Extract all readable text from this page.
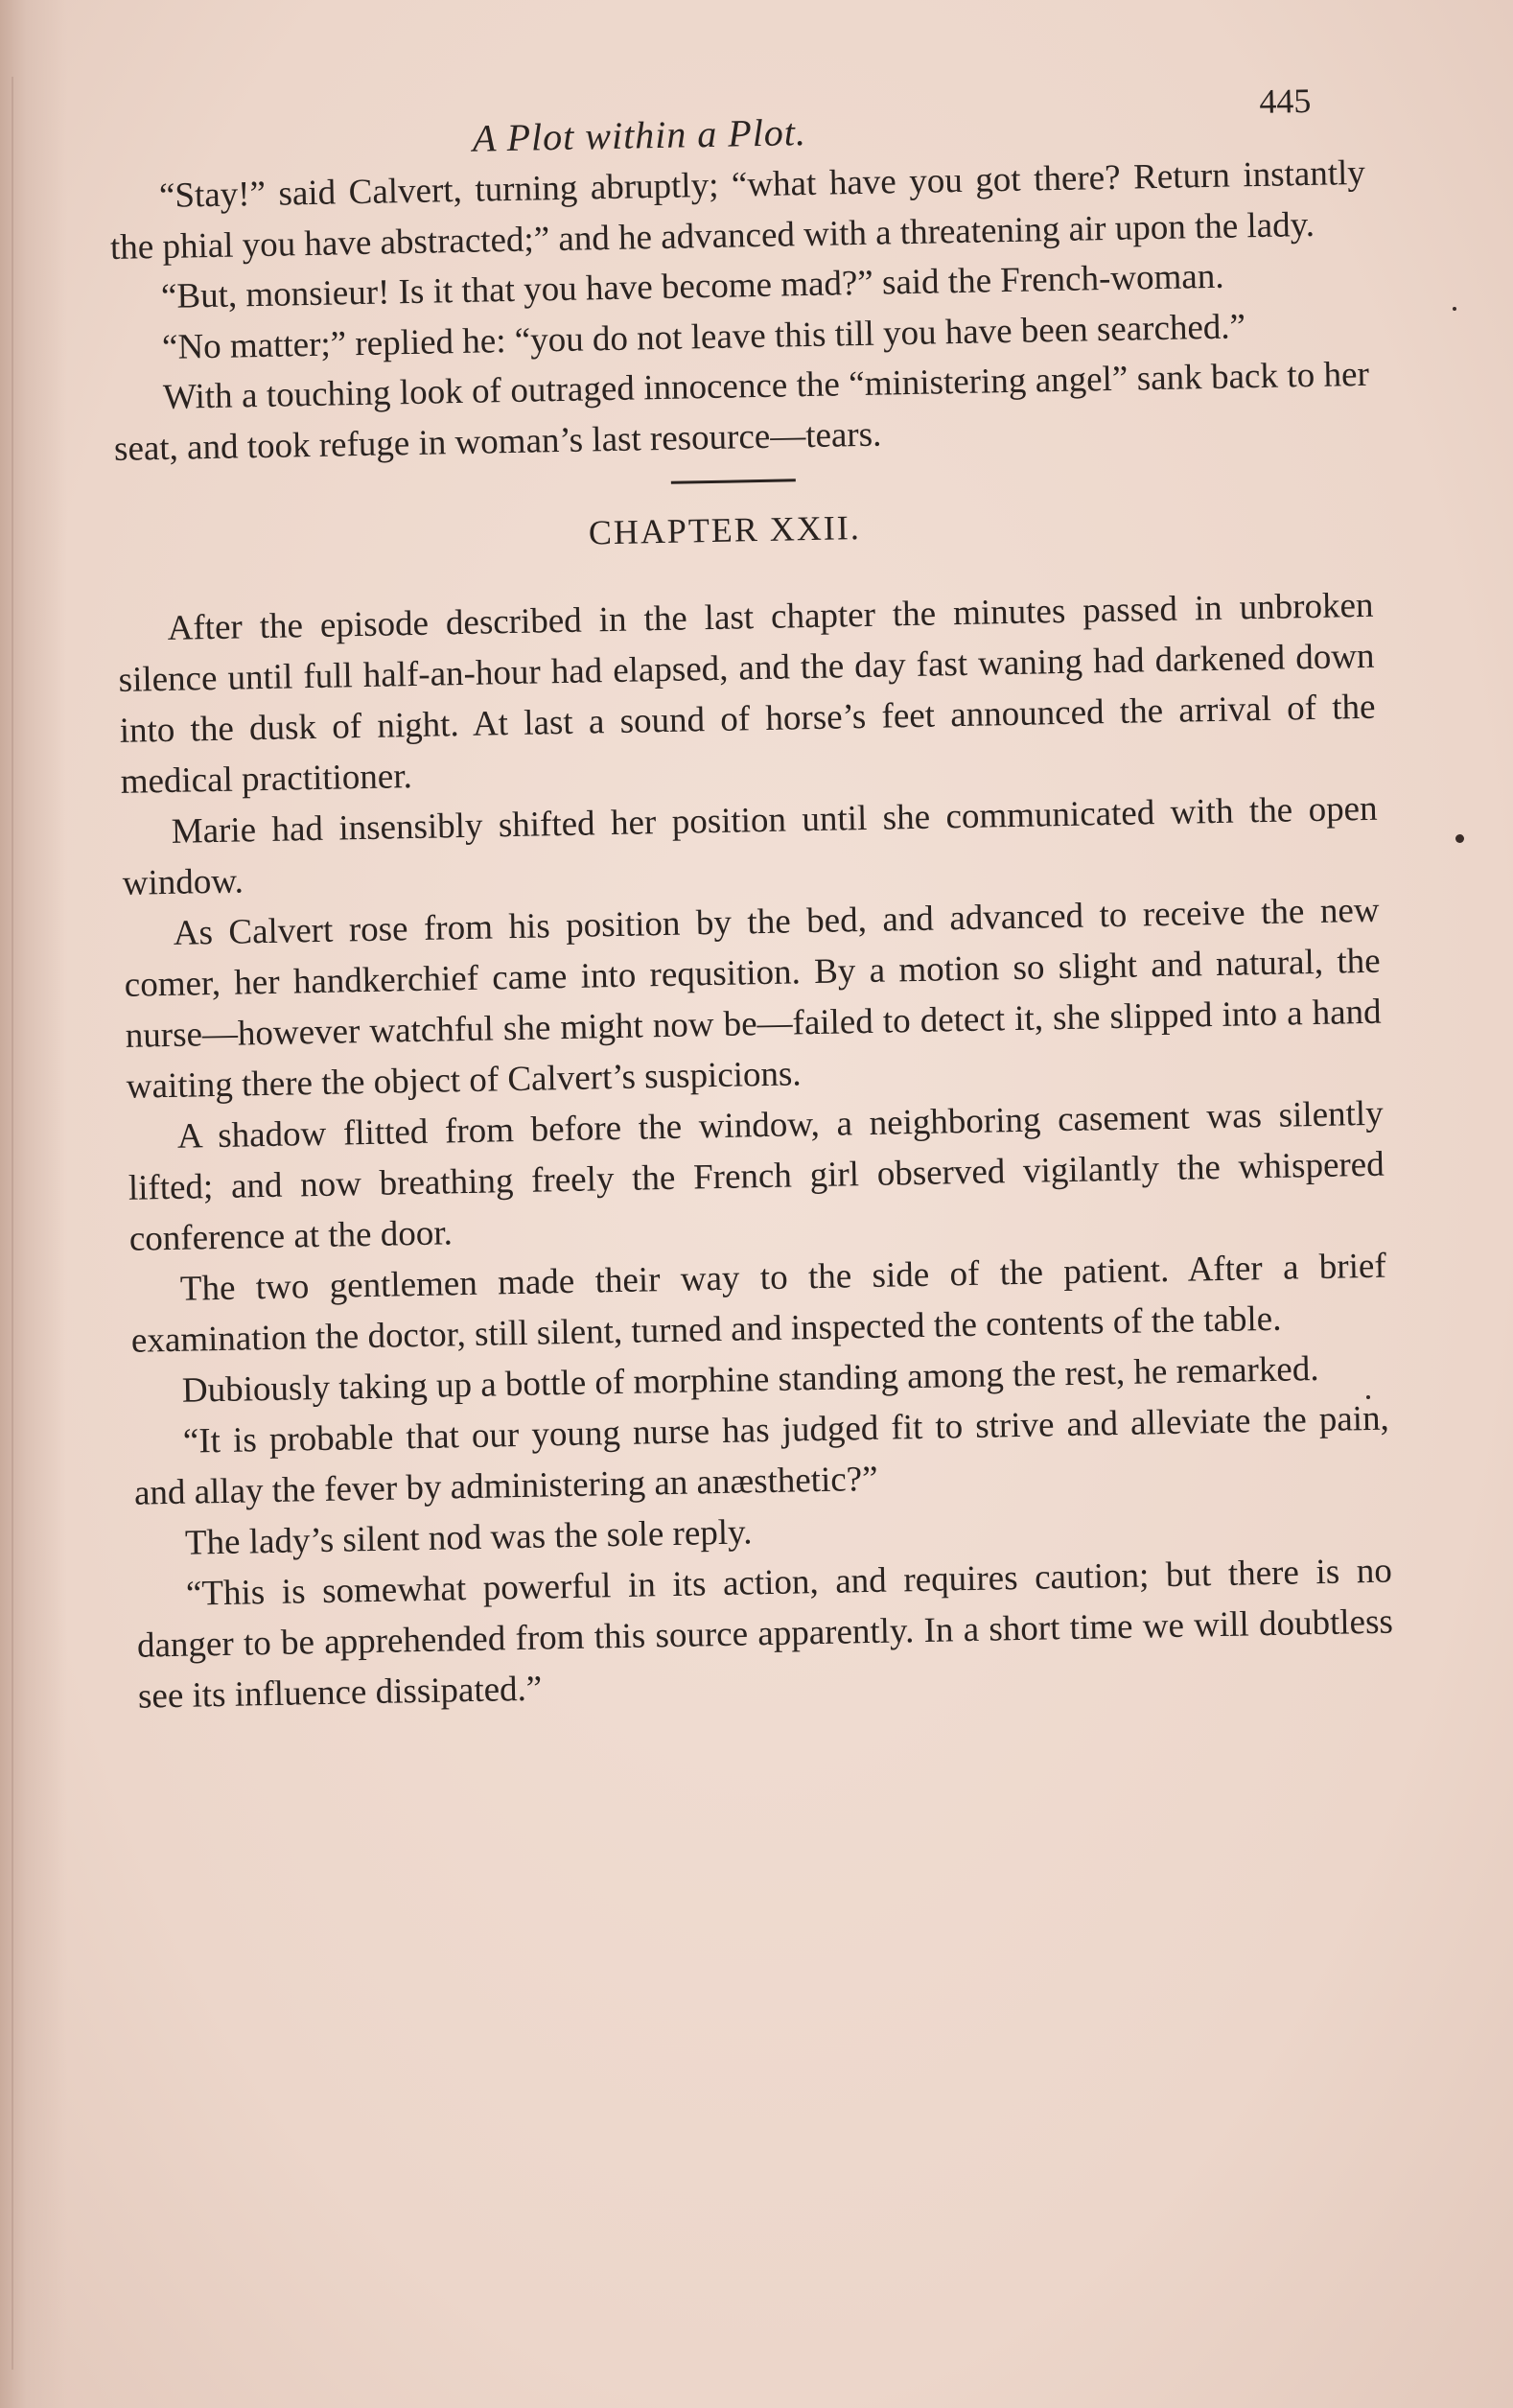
A Plot within a Plot.
445

“Stay!” said Calvert, turning abruptly; “what have you got there? Return instantly the phial you have abstracted;” and he advanced with a threatening air upon the lady.

“But, monsieur! Is it that you have become mad?” said the French-woman.

“No matter;” replied he: “you do not leave this till you have been searched.”

With a touching look of outraged innocence the “ministering angel” sank back to her seat, and took refuge in woman’s last resource—tears.

CHAPTER XXII.

After the episode described in the last chapter the minutes passed in unbroken silence until full half-an-hour had elapsed, and the day fast waning had darkened down into the dusk of night. At last a sound of horse’s feet announced the arrival of the medical practitioner.

Marie had insensibly shifted her position until she communicated with the open window.

As Calvert rose from his position by the bed, and advanced to receive the new comer, her handkerchief came into requsition. By a motion so slight and natural, the nurse—however watchful she might now be—failed to detect it, she slipped into a hand waiting there the object of Calvert’s suspicions.

A shadow flitted from before the window, a neighboring casement was silently lifted; and now breathing freely the French girl observed vigilantly the whispered conference at the door.

The two gentlemen made their way to the side of the patient. After a brief examination the doctor, still silent, turned and inspected the contents of the table.

Dubiously taking up a bottle of morphine standing among the rest, he remarked.

“It is probable that our young nurse has judged fit to strive and alleviate the pain, and allay the fever by administering an anæsthetic?”

The lady’s silent nod was the sole reply.

“This is somewhat powerful in its action, and requires caution; but there is no danger to be apprehended from this source apparently. In a short time we will doubtless see its influence dissipated.”
